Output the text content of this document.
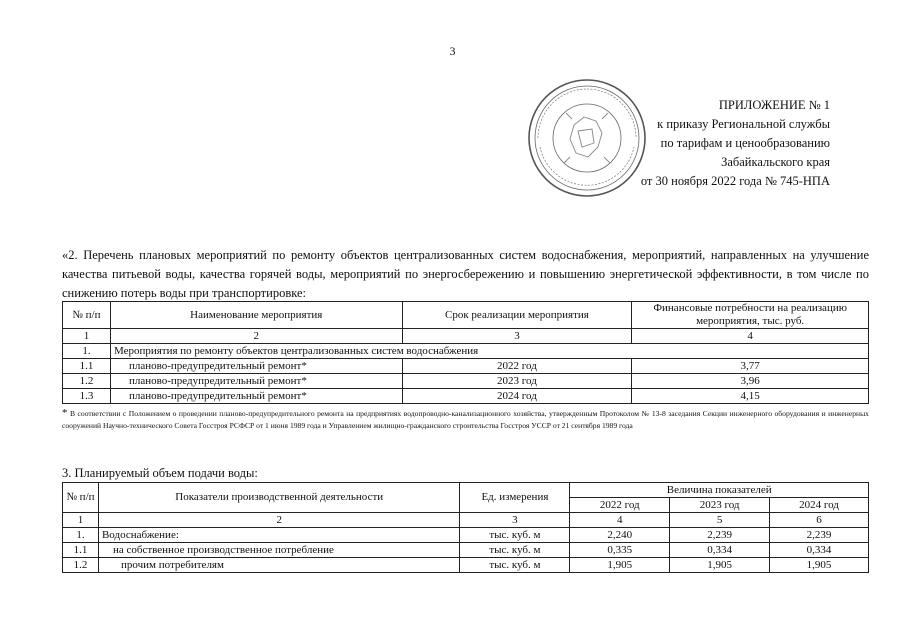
3
ПРИЛОЖЕНИЕ № 1
к приказу Региональной службы
по тарифам и ценообразованию
Забайкальского края
от 30 ноября 2022 года № 745-НПА
«2. Перечень плановых мероприятий по ремонту объектов централизованных систем водоснабжения, мероприятий, направленных на улучшение качества питьевой воды, качества горячей воды, мероприятий по энергосбережению и повышению энергетической эффективности, в том числе по снижению потерь воды при транспортировке:
№ п/п	Наименование мероприятия	Срок реализации мероприятия	Финансовые потребности на реализацию мероприятия, тыс. руб.
1	2	3	4
1.	Мероприятия по ремонту объектов централизованных систем водоснабжения		
1.1	планово-предупредительный ремонт*	2022 год	3,77
1.2	планово-предупредительный ремонт*	2023 год	3,96
1.3	планово-предупредительный ремонт*	2024 год	4,15
* В соответствии с Положением о проведении планово-предупредительного ремонта на предприятиях водопроводно-канализационного хозяйства, утвержденным Протоколом № 13-8 заседания Секции инженерного оборудования и инженерных сооружений Научно-технического Совета Госстроя РСФСР от 1 июня 1989 года и Управлением жилищно-гражданского строительства Госстроя УССР от 21 сентября 1989 года
3. Планируемый объем подачи воды:
№ п/п	Показатели производственной деятельности	Ед. измерения	Величина показателей		
			2022 год	2023 год	2024 год
1	2	3	4	5	6
1.	Водоснабжение:	тыс. куб. м	2,240	2,239	2,239
1.1	на собственное производственное потребление	тыс. куб. м	0,335	0,334	0,334
1.2	прочим потребителям	тыс. куб. м	1,905	1,905	1,905
